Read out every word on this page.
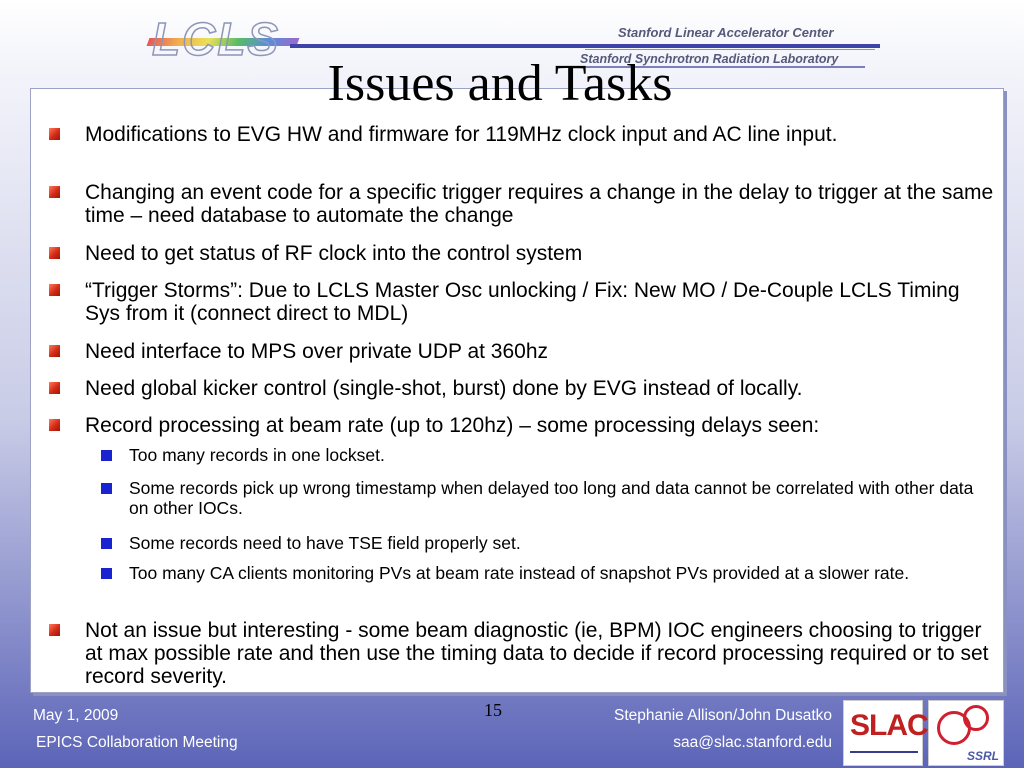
LCLS	Stanford Linear Accelerator Center
Stanford Synchrotron Radiation Laboratory
Modifications to EVG HW and firmware for 119MHz clock input and AC line input.
Changing an event code for a specific trigger requires a change in the delay to trigger at the same time – need database to automate the change
Need to get status of RF clock into the control system
“Trigger Storms”: Due to LCLS Master Osc unlocking / Fix: New MO / De-Couple LCLS Timing Sys from it (connect direct to MDL)
Need interface to MPS over private UDP at 360hz
Need global kicker control (single-shot, burst) done by EVG instead of locally.
Record processing at beam rate (up to 120hz) – some processing delays seen:
Too many records in one lockset.
Some records pick up wrong timestamp when delayed too long and data cannot be correlated with other data on other IOCs.
Some records need to have TSE field properly set.
Too many CA clients monitoring PVs at beam rate instead of snapshot PVs provided at a slower rate.
Not an issue but interesting - some beam diagnostic (ie, BPM) IOC engineers choosing to trigger at max possible rate and then use the timing data to decide if record processing required or to set record severity.
Issues and Tasks
May 1, 2009
EPICS Collaboration Meeting
15	Stephanie Allison/John Dusatko
saa@slac.stanford.edu
SLAC
SSRL
